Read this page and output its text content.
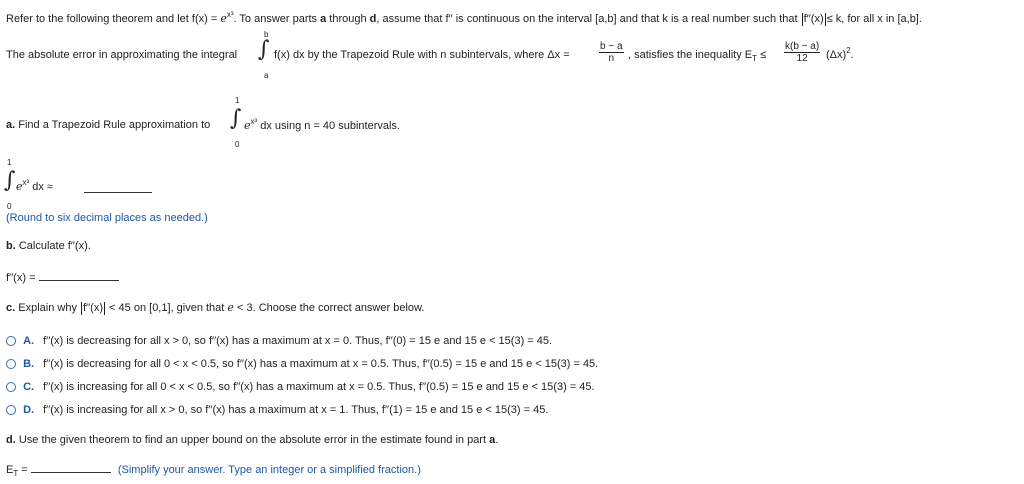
Refer to the following theorem and let $f(x) = e^{x^3}$. To answer parts a through d, assume that f′′ is continuous on the interval [a,b] and that k is a real number such that f′′(x) ≤ k, for all x in [a,b].
The absolute error in approximating the integral
b
∫
a
f(x) dx by the Trapezoid Rule with n subintervals, where Δx =	$\frac{b - a}{n}$ , satisfies the inequality $E_T \le \frac{k(b - a)}{12} (\Delta x)^2$.
a. Find a Trapezoid Rule approximation to
1
∫
0
$e^{x^3}$ dx using n = 40 subintervals.
1
∫
0
$e^{x^3}$ dx ≈
(Round to six decimal places as needed.)
b. Calculate f′′(x).
f′′(x) =
c. Explain why f′′(x) < 45 on [0,1], given that e < 3. Choose the correct answer below.
A. f′′(x) is decreasing for all x > 0, so f′′(x) has a maximum at x = 0. Thus, f′′(0) = 15 e and 15 e < 15(3) = 45.
B. f′′(x) is decreasing for all 0 < x < 0.5, so f′′(x) has a maximum at x = 0.5. Thus, f′′(0.5) = 15 e and 15 e < 15(3) = 45.
C. f′′(x) is increasing for all 0 < x < 0.5, so f′′(x) has a maximum at x = 0.5. Thus, f′′(0.5) = 15 e and 15 e < 15(3) = 45.
D. f′′(x) is increasing for all x > 0, so f′′(x) has a maximum at x = 1. Thus, f′′(1) = 15 e and 15 e < 15(3) = 45.
d. Use the given theorem to find an upper bound on the absolute error in the estimate found in part a.
$E_T$ =	(Simplify your answer. Type an integer or a simplified fraction.)
